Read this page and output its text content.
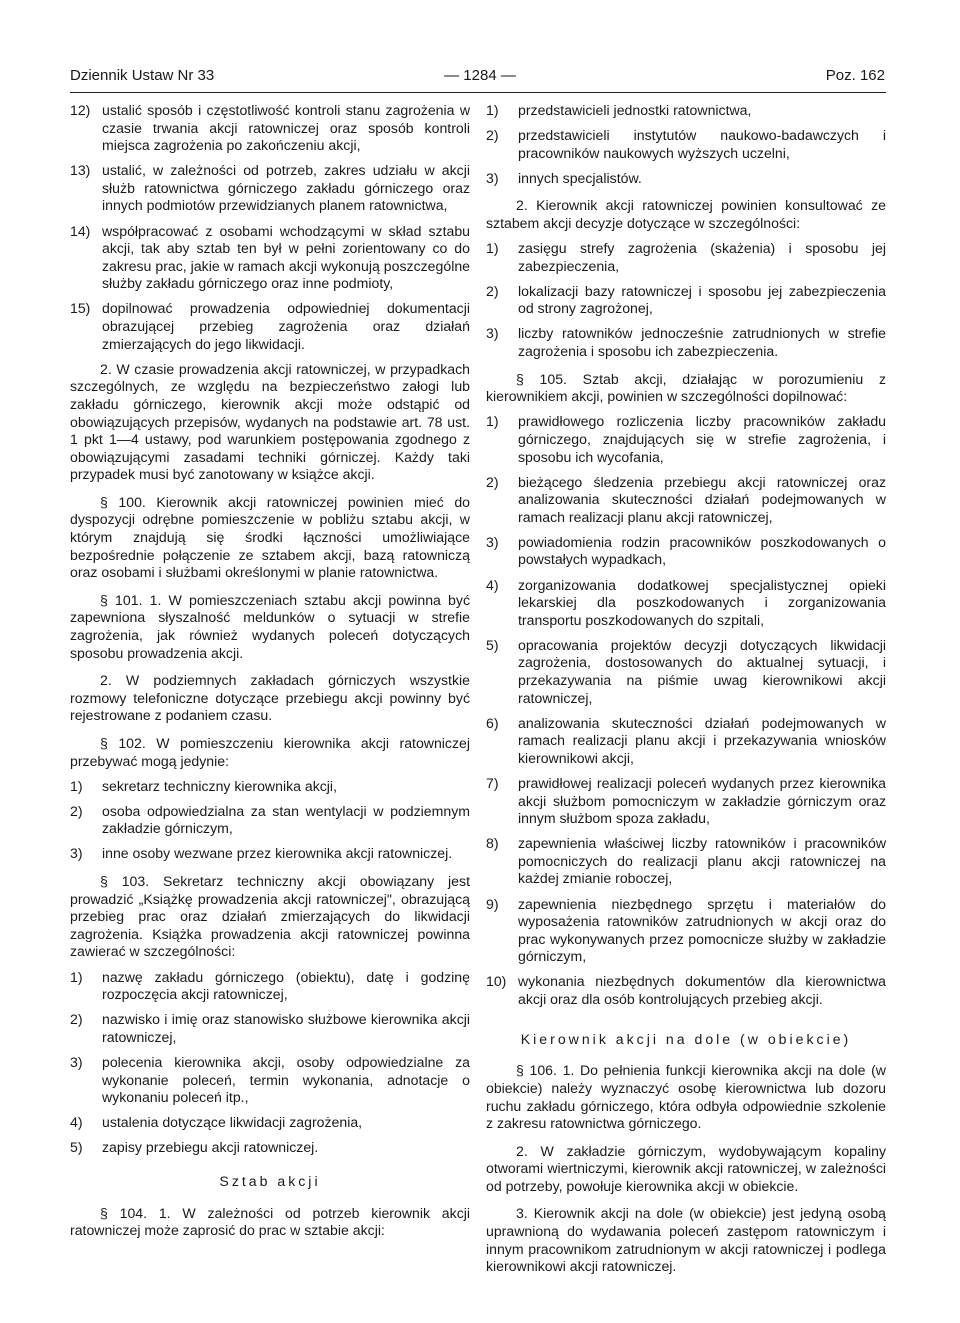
Dziennik Ustaw Nr 33	— 1284 —	Poz. 162
12) ustalić sposób i częstotliwość kontroli stanu zagrożenia w czasie trwania akcji ratowniczej oraz sposób kontroli miejsca zagrożenia po zakończeniu akcji,
13) ustalić, w zależności od potrzeb, zakres udziału w akcji służb ratownictwa górniczego zakładu górniczego oraz innych podmiotów przewidzianych planem ratownictwa,
14) współpracować z osobami wchodzącymi w skład sztabu akcji, tak aby sztab ten był w pełni zorientowany co do zakresu prac, jakie w ramach akcji wykonują poszczególne służby zakładu górniczego oraz inne podmioty,
15) dopilnować prowadzenia odpowiedniej dokumentacji obrazującej przebieg zagrożenia oraz działań zmierzających do jego likwidacji.

2. W czasie prowadzenia akcji ratowniczej, w przypadkach szczególnych, ze względu na bezpieczeństwo załogi lub zakładu górniczego, kierownik akcji może odstąpić od obowiązujących przepisów, wydanych na podstawie art. 78 ust. 1 pkt 1—4 ustawy, pod warunkiem postępowania zgodnego z obowiązującymi zasadami techniki górniczej. Każdy taki przypadek musi być zanotowany w książce akcji.

§ 100. Kierownik akcji ratowniczej powinien mieć do dyspozycji odrębne pomieszczenie w pobliżu sztabu akcji, w którym znajdują się środki łączności umożliwiające bezpośrednie połączenie ze sztabem akcji, bazą ratowniczą oraz osobami i służbami określonymi w planie ratownictwa.

§ 101. 1. W pomieszczeniach sztabu akcji powinna być zapewniona słyszalność meldunków o sytuacji w strefie zagrożenia, jak również wydanych poleceń dotyczących sposobu prowadzenia akcji.

2. W podziemnych zakładach górniczych wszystkie rozmowy telefoniczne dotyczące przebiegu akcji powinny być rejestrowane z podaniem czasu.

§ 102. W pomieszczeniu kierownika akcji ratowniczej przebywać mogą jedynie:

1)	sekretarz techniczny kierownika akcji,
2)	osoba odpowiedzialna za stan wentylacji w podziemnym zakładzie górniczym,
3)	inne osoby wezwane przez kierownika akcji ratowniczej.

§ 103. Sekretarz techniczny akcji obowiązany jest prowadzić „Książkę prowadzenia akcji ratowniczej", obrazującą przebieg prac oraz działań zmierzających do likwidacji zagrożenia. Książka prowadzenia akcji ratowniczej powinna zawierać w szczególności:

1)	nazwę zakładu górniczego (obiektu), datę i godzinę rozpoczęcia akcji ratowniczej,
2)	nazwisko i imię oraz stanowisko służbowe kierownika akcji ratowniczej,
3)	polecenia kierownika akcji, osoby odpowiedzialne za wykonanie poleceń, termin wykonania, adnotacje o wykonaniu poleceń itp.,
4)	ustalenia dotyczące likwidacji zagrożenia,
5)	zapisy przebiegu akcji ratowniczej.
Sztab akcji

§ 104. 1. W zależności od potrzeb kierownik akcji ratowniczej może zaprosić do prac w sztabie akcji:

1)	przedstawicieli jednostki ratownictwa,
2)	przedstawicieli instytutów naukowo-badawczych i pracowników naukowych wyższych uczelni,
3)	innych specjalistów.

2. Kierownik akcji ratowniczej powinien konsultować ze sztabem akcji decyzje dotyczące w szczególności:

1)	zasięgu strefy zagrożenia (skażenia) i sposobu jej zabezpieczenia,
2)	lokalizacji bazy ratowniczej i sposobu jej zabezpieczenia od strony zagrożonej,
3)	liczby ratowników jednocześnie zatrudnionych w strefie zagrożenia i sposobu ich zabezpieczenia.

§ 105. Sztab akcji, działając w porozumieniu z kierownikiem akcji, powinien w szczególności dopilnować:

1)	prawidłowego rozliczenia liczby pracowników zakładu górniczego, znajdujących się w strefie zagrożenia, i sposobu ich wycofania,
2)	bieżącego śledzenia przebiegu akcji ratowniczej oraz analizowania skuteczności działań podejmowanych w ramach realizacji planu akcji ratowniczej,
3)	powiadomienia rodzin pracowników poszkodowanych o powstałych wypadkach,
4)	zorganizowania dodatkowej specjalistycznej opieki lekarskiej dla poszkodowanych i zorganizowania transportu poszkodowanych do szpitali,
5)	opracowania projektów decyzji dotyczących likwidacji zagrożenia, dostosowanych do aktualnej sytuacji, i przekazywania na piśmie uwag kierownikowi akcji ratowniczej,
6)	analizowania skuteczności działań podejmowanych w ramach realizacji planu akcji i przekazywania wniosków kierownikowi akcji,
7)	prawidłowej realizacji poleceń wydanych przez kierownika akcji służbom pomocniczym w zakładzie górniczym oraz innym służbom spoza zakładu,
8)	zapewnienia właściwej liczby ratowników i pracowników pomocniczych do realizacji planu akcji ratowniczej na każdej zmianie roboczej,
9)	zapewnienia niezbędnego sprzętu i materiałów do wyposażenia ratowników zatrudnionych w akcji oraz do prac wykonywanych przez pomocnicze służby w zakładzie górniczym,
10) wykonania niezbędnych dokumentów dla kierownictwa akcji oraz dla osób kontrolujących przebieg akcji.
Kierownik akcji na dole (w obiekcie)

§ 106. 1. Do pełnienia funkcji kierownika akcji na dole (w obiekcie) należy wyznaczyć osobę kierownictwa lub dozoru ruchu zakładu górniczego, która odbyła odpowiednie szkolenie z zakresu ratownictwa górniczego.

2. W zakładzie górniczym, wydobywającym kopaliny otworami wiertniczymi, kierownik akcji ratowniczej, w zależności od potrzeby, powołuje kierownika akcji w obiekcie.

3. Kierownik akcji na dole (w obiekcie) jest jedyną osobą uprawnioną do wydawania poleceń zastępom ratowniczym i innym pracownikom zatrudnionym w akcji ratowniczej i podlega kierownikowi akcji ratowniczej.
